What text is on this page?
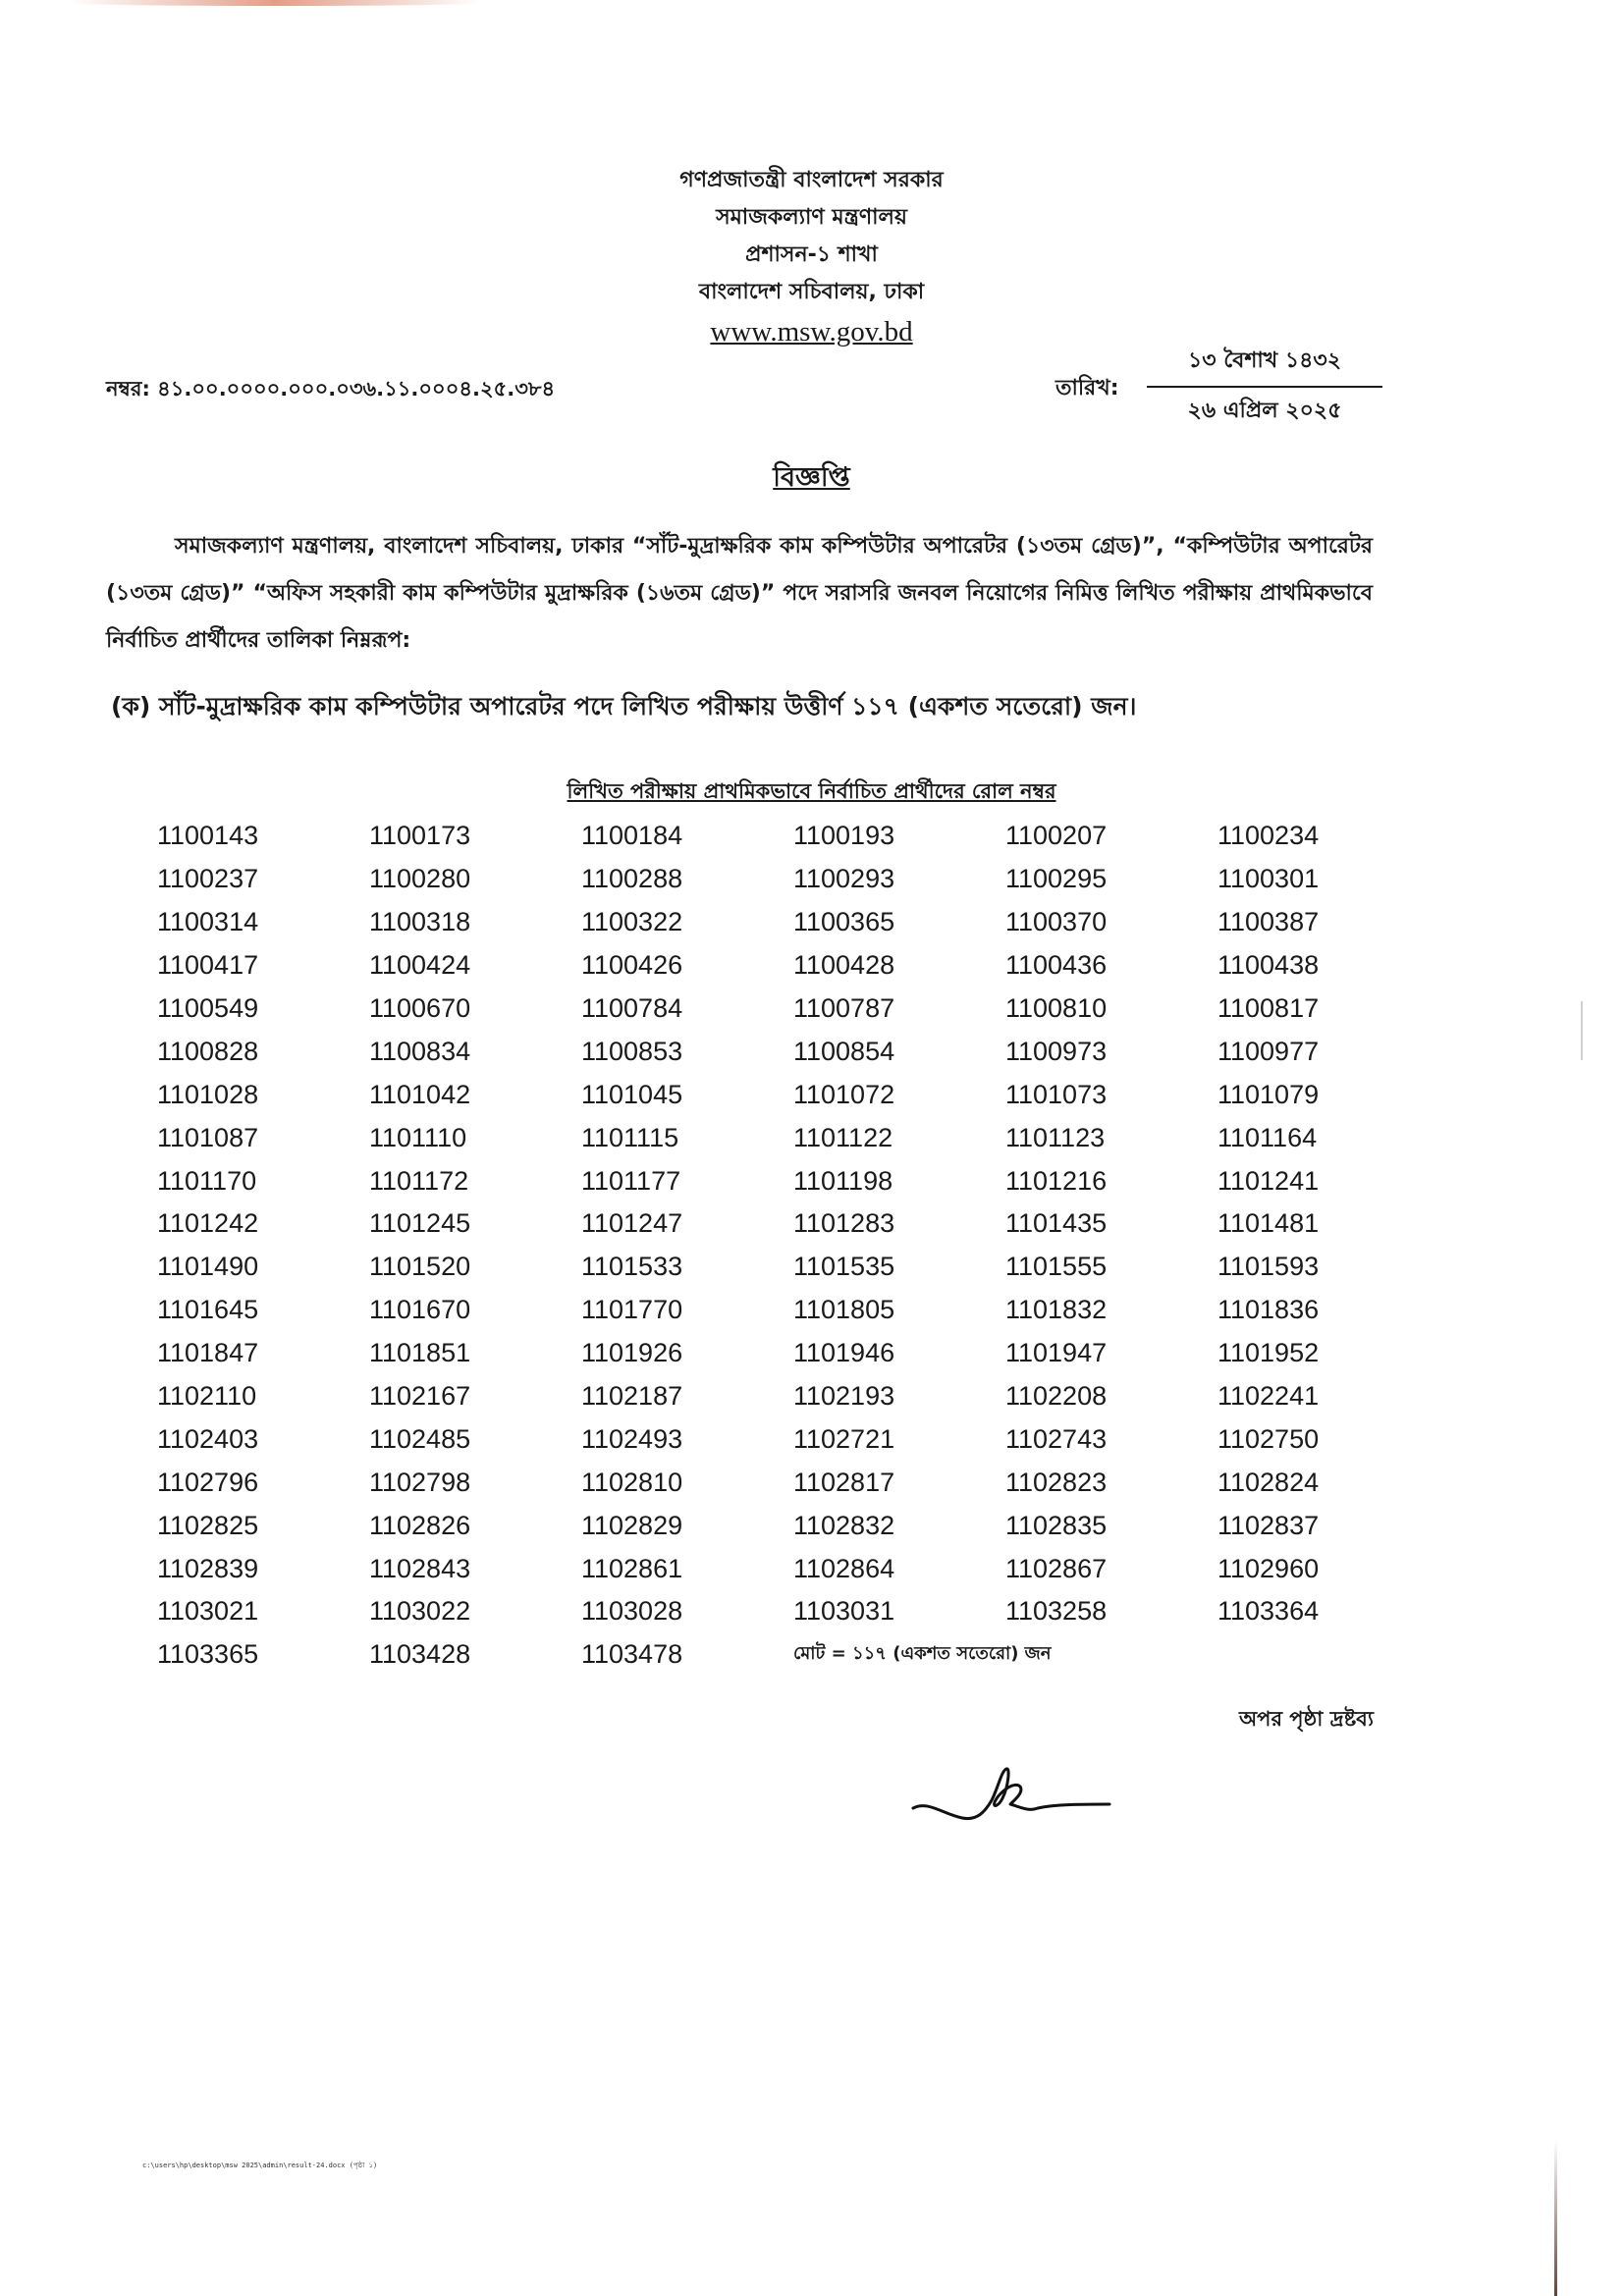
গণপ্রজাতন্ত্রী বাংলাদেশ সরকার
সমাজকল্যাণ মন্ত্রণালয়
প্রশাসন-১ শাখা
বাংলাদেশ সচিবালয়, ঢাকা
www.msw.gov.bd
নম্বর: ৪১.০০.০০০০.০০০.০৩৬.১১.০০০৪.২৫.৩৮৪	তারিখ:
১৩ বৈশাখ ১৪৩২
২৬ এপ্রিল ২০২৫
বিজ্ঞপ্তি
সমাজকল্যাণ মন্ত্রণালয়, বাংলাদেশ সচিবালয়, ঢাকার “সাঁট-মুদ্রাক্ষরিক কাম কম্পিউটার অপারেটর (১৩তম গ্রেড)”, “কম্পিউটার অপারেটর (১৩তম গ্রেড)” “অফিস সহকারী কাম কম্পিউটার মুদ্রাক্ষরিক (১৬তম গ্রেড)” পদে সরাসরি জনবল নিয়োগের নিমিত্ত লিখিত পরীক্ষায় প্রাথমিকভাবে নির্বাচিত প্রার্থীদের তালিকা নিম্নরূপ:
(ক) সাঁট-মুদ্রাক্ষরিক কাম কম্পিউটার অপারেটর পদে লিখিত পরীক্ষায় উত্তীর্ণ ১১৭ (একশত সতেরো) জন।
লিখিত পরীক্ষায় প্রাথমিকভাবে নির্বাচিত প্রার্থীদের রোল নম্বর
1100143	1100173	1100184	1100193	1100207	1100234
1100237	1100280	1100288	1100293	1100295	1100301
1100314	1100318	1100322	1100365	1100370	1100387
1100417	1100424	1100426	1100428	1100436	1100438
1100549	1100670	1100784	1100787	1100810	1100817
1100828	1100834	1100853	1100854	1100973	1100977
1101028	1101042	1101045	1101072	1101073	1101079
1101087	1101110	1101115	1101122	1101123	1101164
1101170	1101172	1101177	1101198	1101216	1101241
1101242	1101245	1101247	1101283	1101435	1101481
1101490	1101520	1101533	1101535	1101555	1101593
1101645	1101670	1101770	1101805	1101832	1101836
1101847	1101851	1101926	1101946	1101947	1101952
1102110	1102167	1102187	1102193	1102208	1102241
1102403	1102485	1102493	1102721	1102743	1102750
1102796	1102798	1102810	1102817	1102823	1102824
1102825	1102826	1102829	1102832	1102835	1102837
1102839	1102843	1102861	1102864	1102867	1102960
1103021	1103022	1103028	1103031	1103258	1103364
1103365	1103428	1103478	মোট = ১১৭ (একশত সতেরো) জন
অপর পৃষ্ঠা দ্রষ্টব্য
c:\users\hp\desktop\msw 2025\admin\result-24.docx (পৃষ্ঠা ১)
